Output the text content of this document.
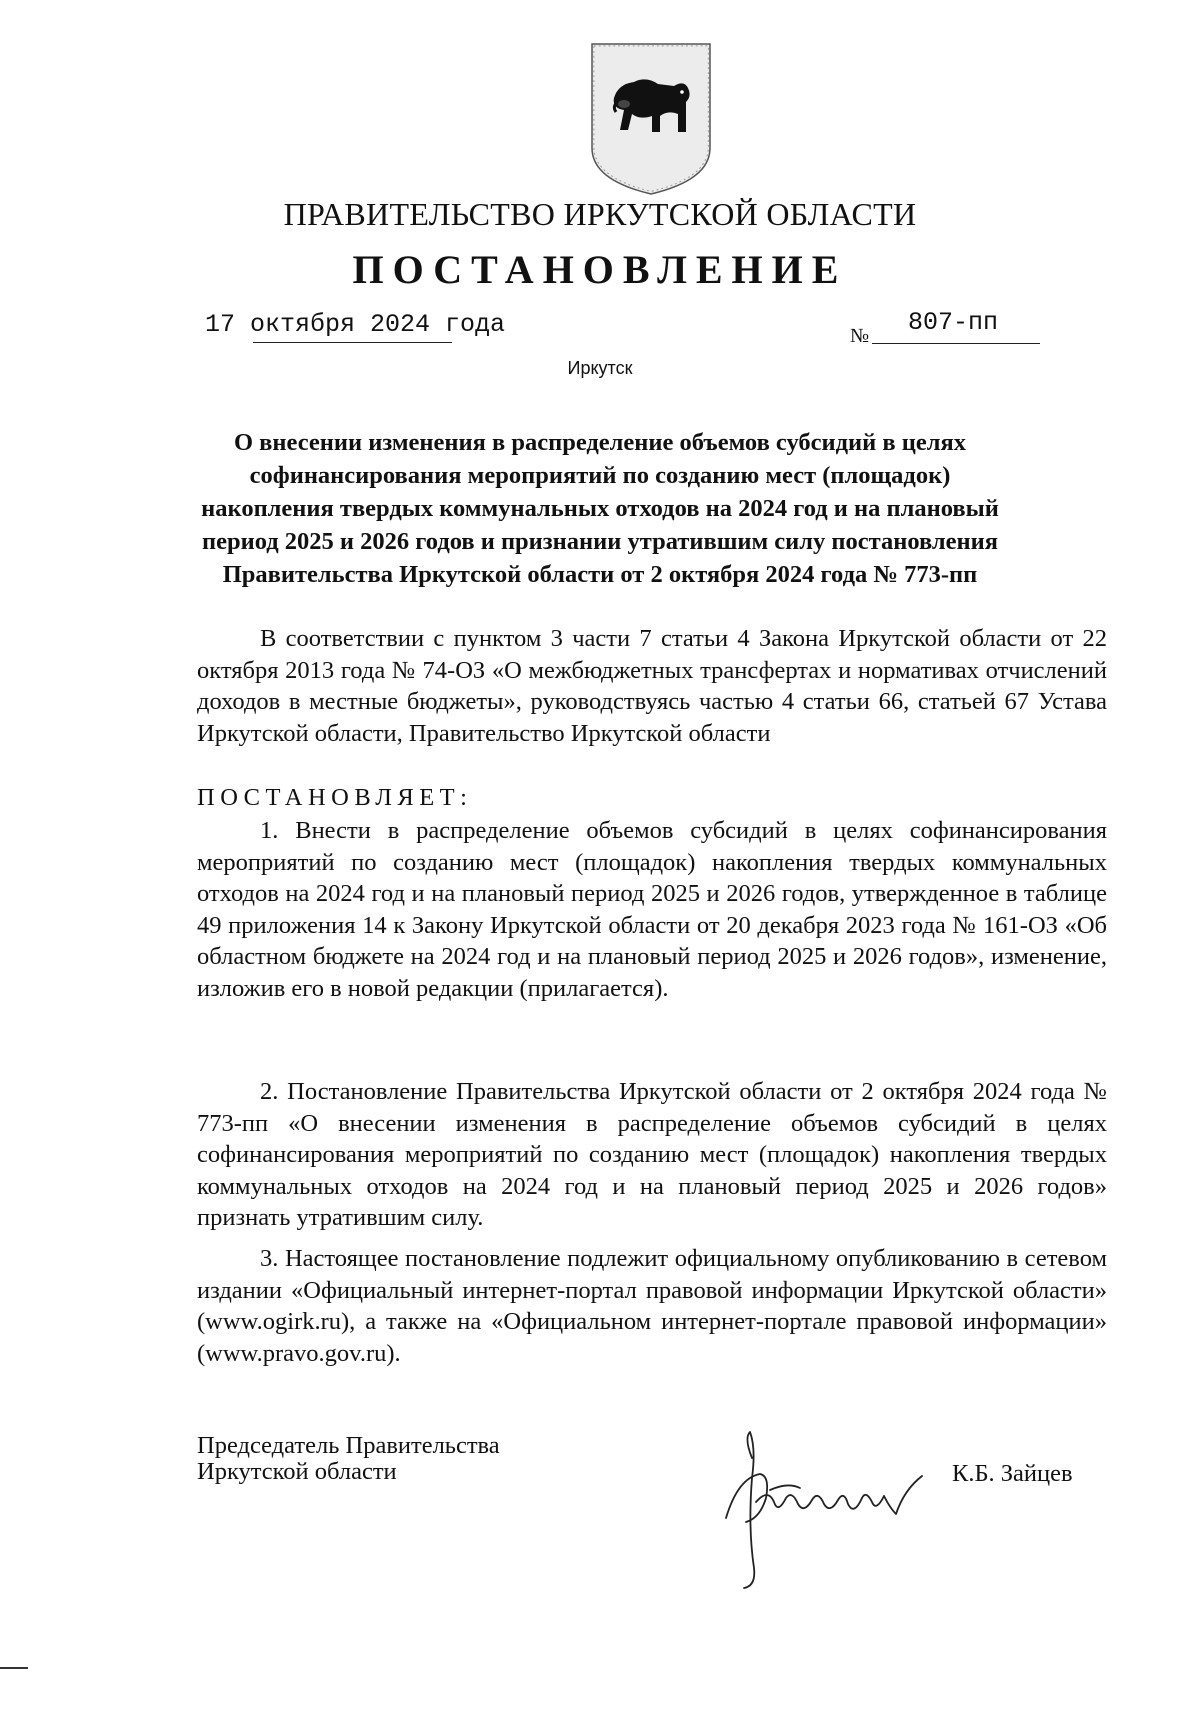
ПРАВИТЕЛЬСТВО ИРКУТСКОЙ ОБЛАСТИ
ПОСТАНОВЛЕНИЕ
17 октября 2024 года	№ 807-пп
Иркутск
О внесении изменения в распределение объемов субсидий в целях софинансирования мероприятий по созданию мест (площадок) накопления твердых коммунальных отходов на 2024 год и на плановый период 2025 и 2026 годов и признании утратившим силу постановления Правительства Иркутской области от 2 октября 2024 года № 773-пп
В соответствии с пунктом 3 части 7 статьи 4 Закона Иркутской области от 22 октября 2013 года № 74-ОЗ «О межбюджетных трансфертах и нормативах отчислений доходов в местные бюджеты», руководствуясь частью 4 статьи 66, статьей 67 Устава Иркутской области, Правительство Иркутской области
ПОСТАНОВЛЯЕТ:
1. Внести в распределение объемов субсидий в целях софинансирования мероприятий по созданию мест (площадок) накопления твердых коммунальных отходов на 2024 год и на плановый период 2025 и 2026 годов, утвержденное в таблице 49 приложения 14 к Закону Иркутской области от 20 декабря 2023 года № 161-ОЗ «Об областном бюджете на 2024 год и на плановый период 2025 и 2026 годов», изменение, изложив его в новой редакции (прилагается).
2. Постановление Правительства Иркутской области от 2 октября 2024 года № 773-пп «О внесении изменения в распределение объемов субсидий в целях софинансирования мероприятий по созданию мест (площадок) накопления твердых коммунальных отходов на 2024 год и на плановый период 2025 и 2026 годов» признать утратившим силу.
3. Настоящее постановление подлежит официальному опубликованию в сетевом издании «Официальный интернет-портал правовой информации Иркутской области» (www.ogirk.ru), а также на «Официальном интернет-портале правовой информации» (www.pravo.gov.ru).
Председатель Правительства
Иркутской области	К.Б. Зайцев
